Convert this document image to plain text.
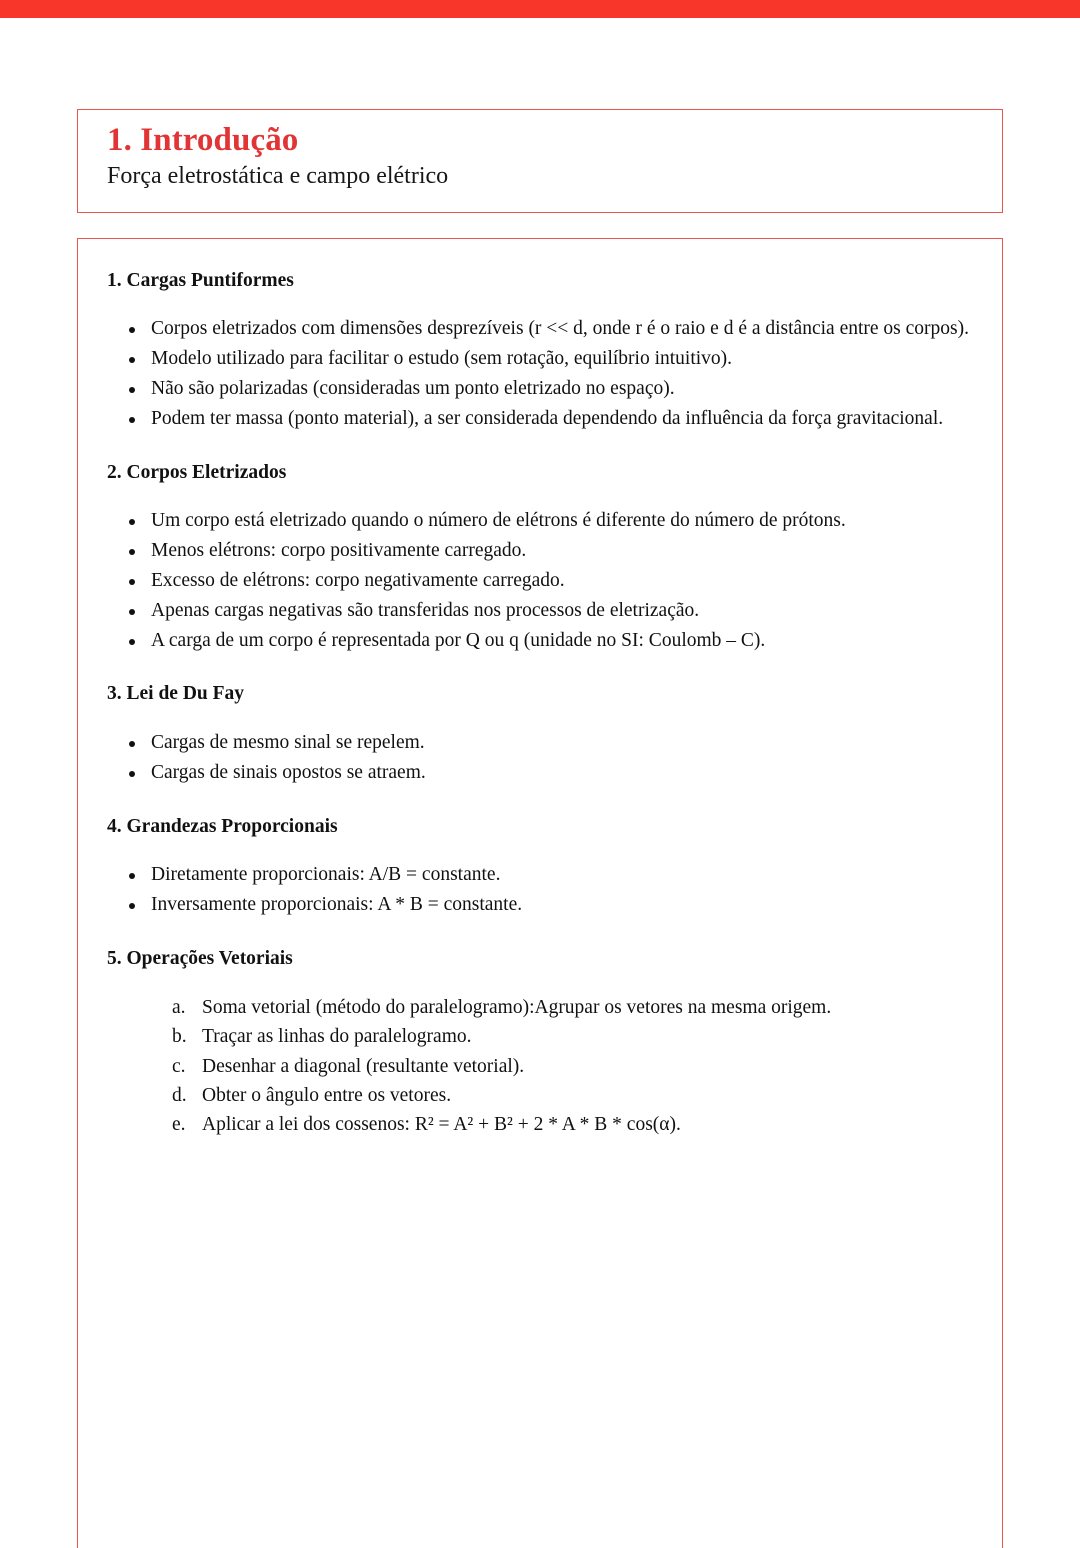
1. Introdução
Força eletrostática e campo elétrico
1. Cargas Puntiformes
Corpos eletrizados com dimensões desprezíveis (r << d, onde r é o raio e d é a distância entre os corpos).
Modelo utilizado para facilitar o estudo (sem rotação, equilíbrio intuitivo).
Não são polarizadas (consideradas um ponto eletrizado no espaço).
Podem ter massa (ponto material), a ser considerada dependendo da influência da força gravitacional.
2. Corpos Eletrizados
Um corpo está eletrizado quando o número de elétrons é diferente do número de prótons.
Menos elétrons: corpo positivamente carregado.
Excesso de elétrons: corpo negativamente carregado.
Apenas cargas negativas são transferidas nos processos de eletrização.
A carga de um corpo é representada por Q ou q (unidade no SI: Coulomb – C).
3. Lei de Du Fay
Cargas de mesmo sinal se repelem.
Cargas de sinais opostos se atraem.
4. Grandezas Proporcionais
Diretamente proporcionais: A/B = constante.
Inversamente proporcionais: A * B = constante.
5. Operações Vetoriais
a. Soma vetorial (método do paralelogramo):Agrupar os vetores na mesma origem.
b. Traçar as linhas do paralelogramo.
c. Desenhar a diagonal (resultante vetorial).
d. Obter o ângulo entre os vetores.
e. Aplicar a lei dos cossenos: R² = A² + B² + 2 * A * B * cos(α).
